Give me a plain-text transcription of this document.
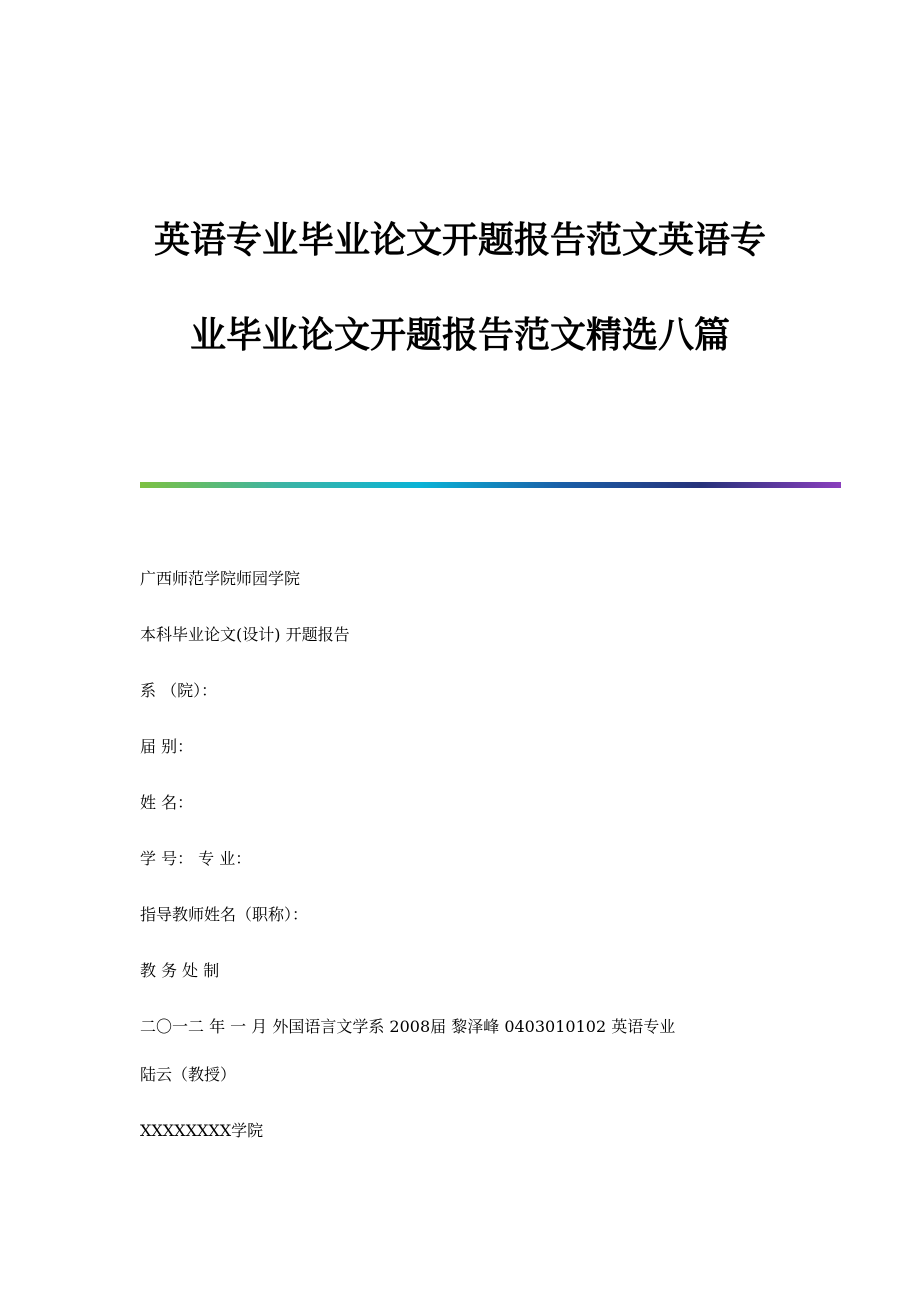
英语专业毕业论文开题报告范文英语专
业毕业论文开题报告范文精选八篇
广西师范学院师园学院
本科毕业论文(设计) 开题报告
系 （院）：
届 别：
姓 名：
学 号： 专 业：
指导教师姓名（职称）：
教 务 处 制
二〇一二 年 一 月 外国语言文学系 2008届 黎泽峰 0403010102 英语专业
陆云（教授）
XXXXXXXX学院
